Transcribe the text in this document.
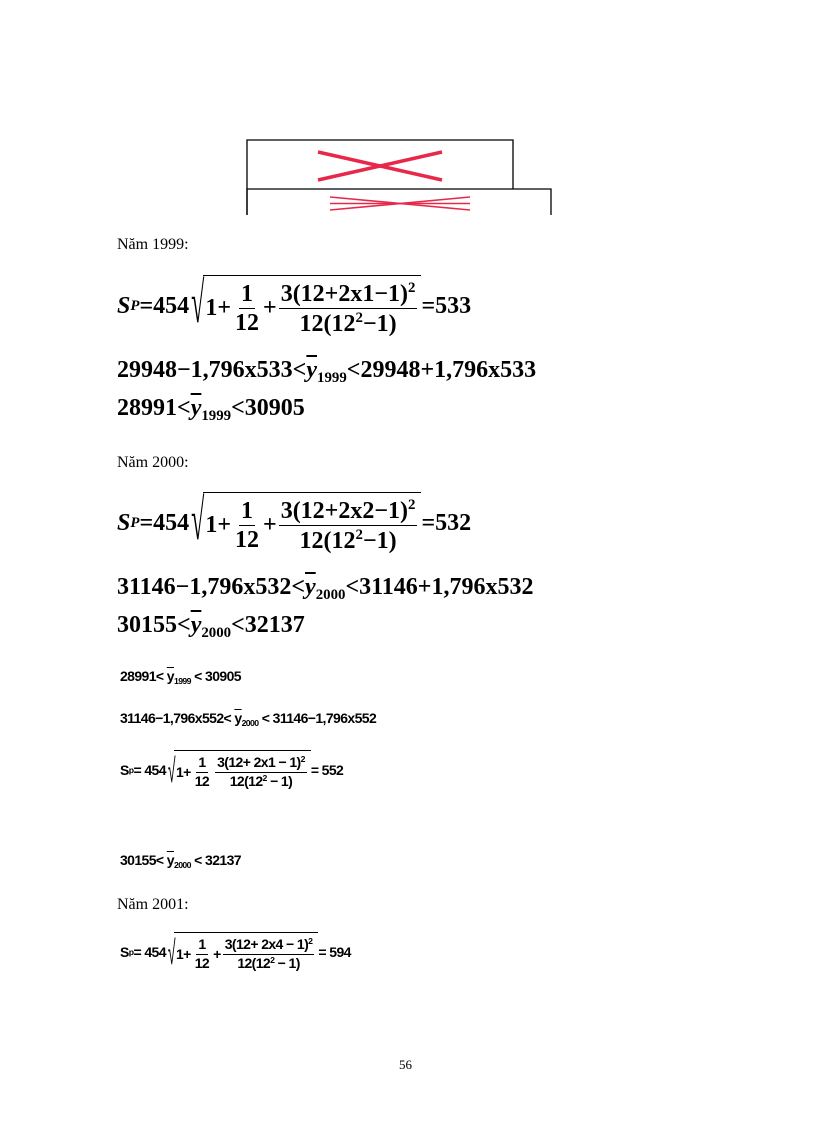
Năm 1999:
S P =454 √ $1+ \frac{1}{12} + \frac{3(12+2x1-1)^2}{12(12^2-1)} =533$
$29948-1,796x533<\overline{y}_{1999}<29948+1,796x533$
$28991<\overline{y}_{1999}<30905$
Năm 2000:
S P =454 √ $1+ \frac{1}{12} + \frac{3(12+2x2-1)^2}{12(12^2-1)} =532$
$31146-1,796x532<\overline{y}_{2000}<31146+1,796x532$
$30155<\overline{y}_{2000}<32137$
$28991< \overline{y}_{1999} < 30905$
$31146-1,796x552< \overline{y}_{2000} < 31146-1,796x552$
S p = 454 √ $1+ \frac{1}{12} \frac{3(12+ 2x1 - 1)^2}{12(12^2 - 1)} = 552$
$30155< \overline{y}_{2000} < 32137$
Năm 2001:
S p = 454 √ $1+ \frac{1}{12} + \frac{3(12+ 2x4 - 1)^2}{12(12^2 - 1)} = 594$
56
